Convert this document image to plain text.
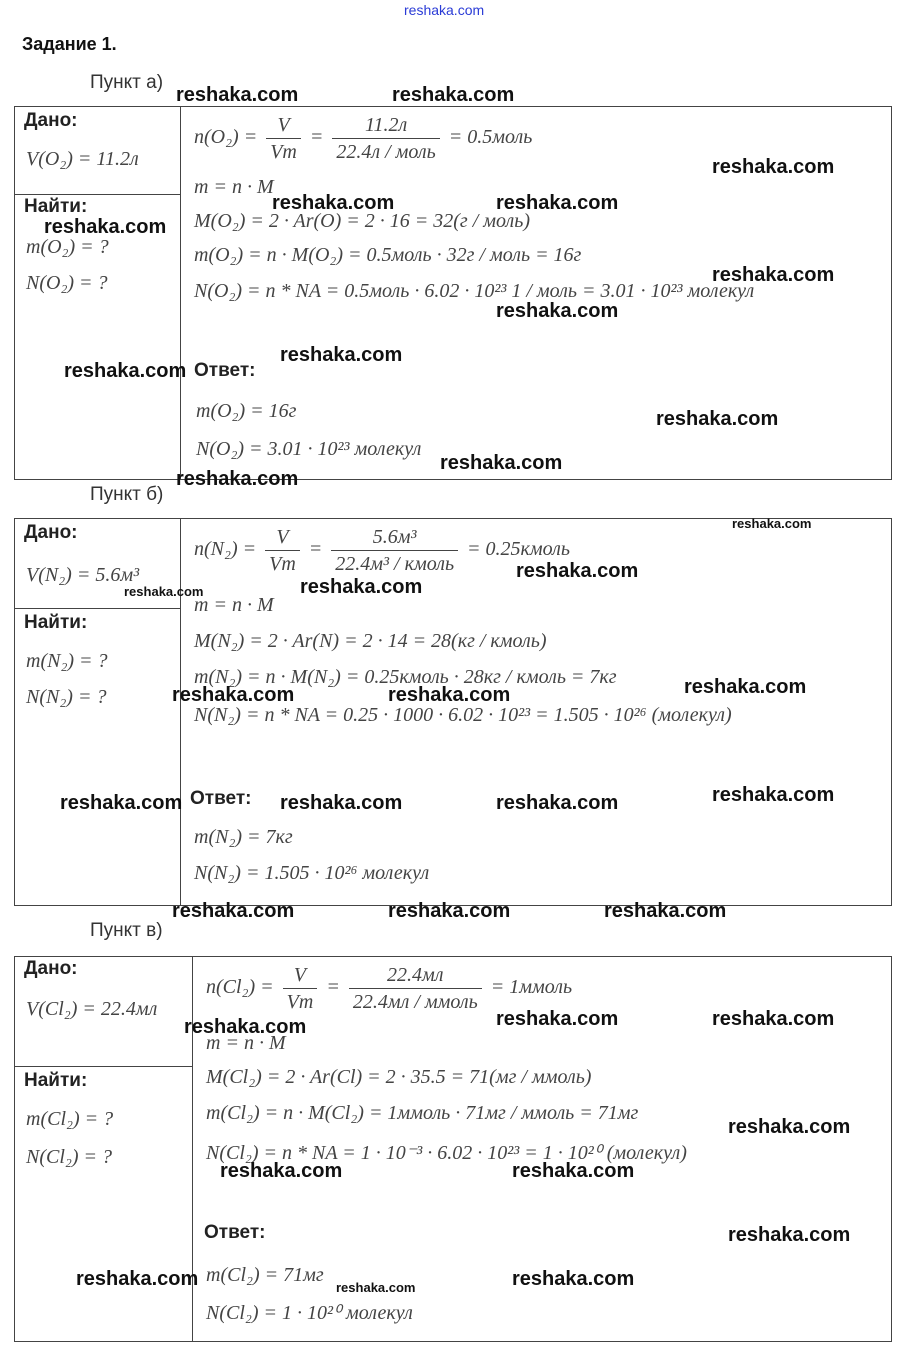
reshaka.com
Задание 1.
Пункт а)
Дано:
V(O₂) = 11.2л
Найти:
m(O₂) = ?
N(O₂) = ?
$n(O_2) = \frac{V}{Vm} = \frac{11.2л}{\text{22.4л / моль}}$ = 0.5моль
m = n · M
M(O₂) = 2 · Ar(O) = 2 · 16 = 32(г / моль)
m(O₂) = n · M(O₂) = 0.5моль · 32г / моль = 16г
N(O₂) = n * NA = 0.5моль · 6.02 · 10²³ 1 / моль = 3.01 · 10²³ молекул
Ответ:
m(O₂) = 16г
N(O₂) = 3.01 · 10²³ молекул
Пункт б)
Дано:
V(N₂) = 5.6м³
Найти:
m(N₂) = ?
N(N₂) = ?
$n(N_2) = \frac{V}{Vm} = \frac{\text{5.6м³}}{\text{22.4м³ / кмоль}}$ = 0.25кмоль
m = n · M
M(N₂) = 2 · Ar(N) = 2 · 14 = 28(кг / кмоль)
m(N₂) = n · M(N₂) = 0.25кмоль · 28кг / кмоль = 7кг
N(N₂) = n * NA = 0.25 · 1000 · 6.02 · 10²³ = 1.505 · 10²⁶ (молекул)
Ответ:
m(N₂) = 7кг
N(N₂) = 1.505 · 10²⁶ молекул
Пункт в)
Дано:
V(Cl₂) = 22.4мл
Найти:
m(Cl₂) = ?
N(Cl₂) = ?
$n(Cl_2) = \frac{V}{Vm} = \frac{22.4мл}{\text{22.4мл / ммоль}}$ = 1ммоль
m = n · M
M(Cl₂) = 2 · Ar(Cl) = 2 · 35.5 = 71(мг / ммоль)
m(Cl₂) = n · M(Cl₂) = 1ммоль · 71мг / ммоль = 71мг
N(Cl₂) = n * NA = 1 · 10⁻³ · 6.02 · 10²³ = 1 · 10²⁰ (молекул)
Ответ:
m(Cl₂) = 71мг
N(Cl₂) = 1 · 10²⁰ молекул
reshaka.com	reshaka.com
reshaka.com
reshaka.com	reshaka.com
reshaka.com
reshaka.com
reshaka.com
reshaka.com
reshaka.com
reshaka.com
reshaka.com
reshaka.com
reshaka.com
reshaka.com
reshaka.com
reshaka.com
reshaka.com
reshaka.com	reshaka.com
reshaka.com
reshaka.com	reshaka.com	reshaka.com
reshaka.com	reshaka.com	reshaka.com
reshaka.com	reshaka.com
reshaka.com
reshaka.com
reshaka.com	reshaka.com
reshaka.com
reshaka.com	reshaka.com
reshaka.com
